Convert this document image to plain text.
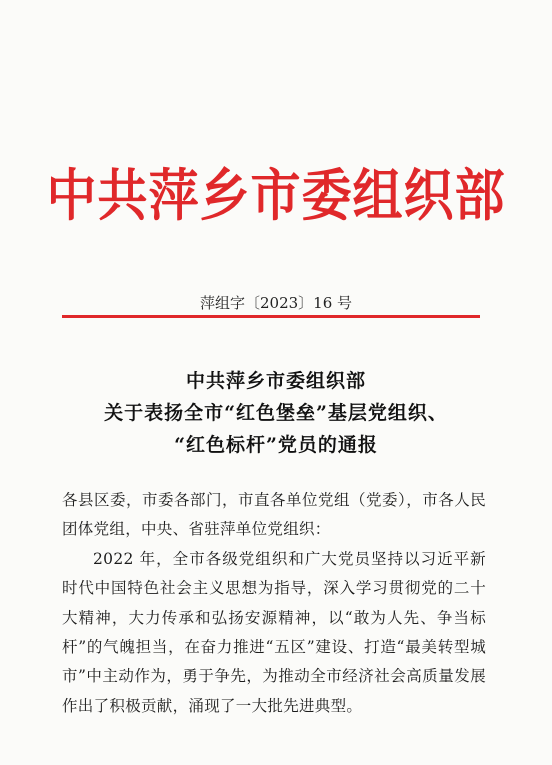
中共萍乡市委组织部
萍组字〔2023〕16 号
中共萍乡市委组织部
关于表扬全市“红色堡垒”基层党组织、
“红色标杆”党员的通报

各县区委，市委各部门，市直各单位党组（党委），市各人民团体党组，中央、省驻萍单位党组织：

2022 年，全市各级党组织和广大党员坚持以习近平新时代中国特色社会主义思想为指导，深入学习贯彻党的二十大精神，大力传承和弘扬安源精神，以“敢为人先、争当标杆”的气魄担当，在奋力推进“五区”建设、打造“最美转型城市”中主动作为，勇于争先，为推动全市经济社会高质量发展作出了积极贡献，涌现了一大批先进典型。
